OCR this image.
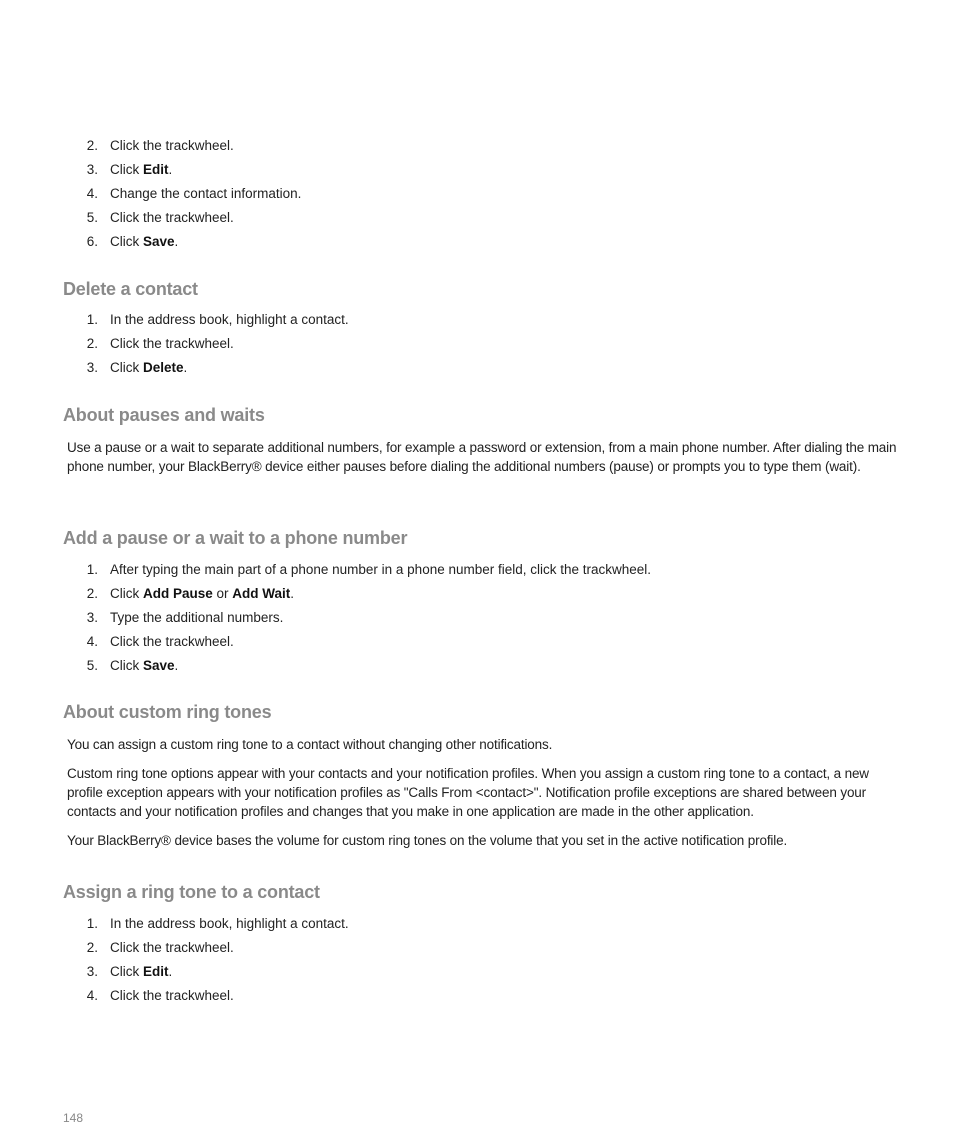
2. Click the trackwheel.
3. Click Edit.
4. Change the contact information.
5. Click the trackwheel.
6. Click Save.
Delete a contact
1. In the address book, highlight a contact.
2. Click the trackwheel.
3. Click Delete.
About pauses and waits

Use a pause or a wait to separate additional numbers, for example a password or extension, from a main phone number. After dialing the main phone number, your BlackBerry® device either pauses before dialing the additional numbers (pause) or prompts you to type them (wait).

Add a pause or a wait to a phone number
1. After typing the main part of a phone number in a phone number field, click the trackwheel.
2. Click Add Pause or Add Wait.
3. Type the additional numbers.
4. Click the trackwheel.
5. Click Save.
About custom ring tones

You can assign a custom ring tone to a contact without changing other notifications.

Custom ring tone options appear with your contacts and your notification profiles. When you assign a custom ring tone to a contact, a new profile exception appears with your notification profiles as "Calls From <contact>". Notification profile exceptions are shared between your contacts and your notification profiles and changes that you make in one application are made in the other application.

Your BlackBerry® device bases the volume for custom ring tones on the volume that you set in the active notification profile.

Assign a ring tone to a contact
1. In the address book, highlight a contact.
2. Click the trackwheel.
3. Click Edit.
4. Click the trackwheel.
148
